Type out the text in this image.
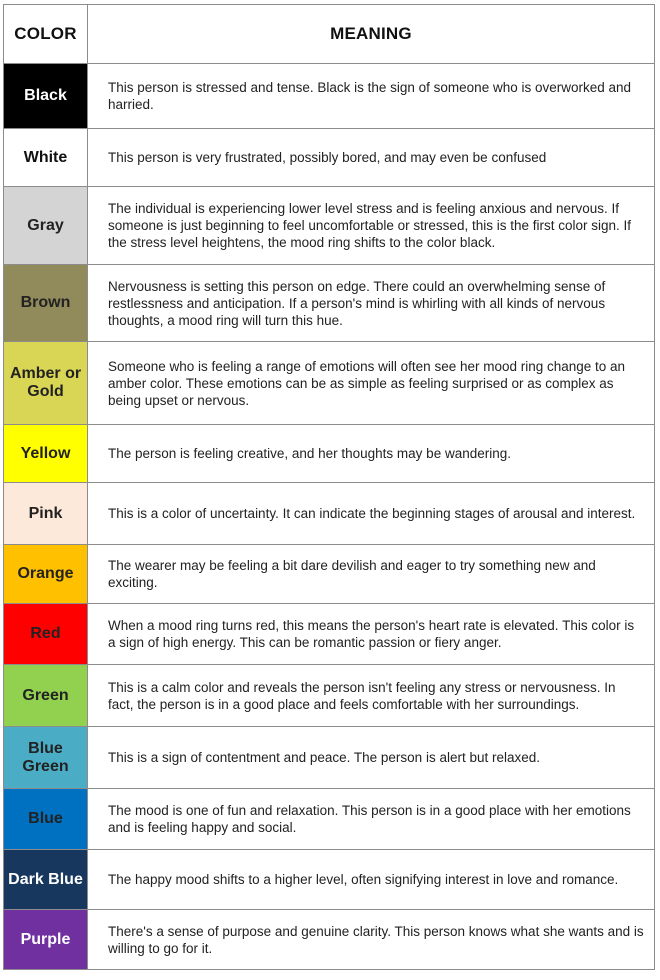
COLOR	MEANING
Black	This person is stressed and tense. Black is the sign of someone who is overworked and harried.

White	This person is very frustrated, possibly bored, and may even be confused

Gray	The individual is experiencing lower level stress and is feeling anxious and nervous. If someone is just beginning to feel uncomfortable or stressed, this is the first color sign. If the stress level heightens, the mood ring shifts to the color black.

Brown	Nervousness is setting this person on edge. There could an overwhelming sense of restlessness and anticipation. If a person's mind is whirling with all kinds of nervous thoughts, a mood ring will turn this hue.

Amber or Gold	Someone who is feeling a range of emotions will often see her mood ring change to an amber color. These emotions can be as simple as feeling surprised or as complex as being upset or nervous.

Yellow	The person is feeling creative, and her thoughts may be wandering.

Pink	This is a color of uncertainty. It can indicate the beginning stages of arousal and interest.

Orange	The wearer may be feeling a bit dare devilish and eager to try something new and exciting.

Red	When a mood ring turns red, this means the person's heart rate is elevated. This color is a sign of high energy. This can be romantic passion or fiery anger.

Green	This is a calm color and reveals the person isn't feeling any stress or nervousness. In fact, the person is in a good place and feels comfortable with her surroundings.

Blue Green	This is a sign of contentment and peace. The person is alert but relaxed.

Blue	The mood is one of fun and relaxation. This person is in a good place with her emotions and is feeling happy and social.

Dark Blue	The happy mood shifts to a higher level, often signifying interest in love and romance.

Purple	There's a sense of purpose and genuine clarity. This person knows what she wants and is willing to go for it.
